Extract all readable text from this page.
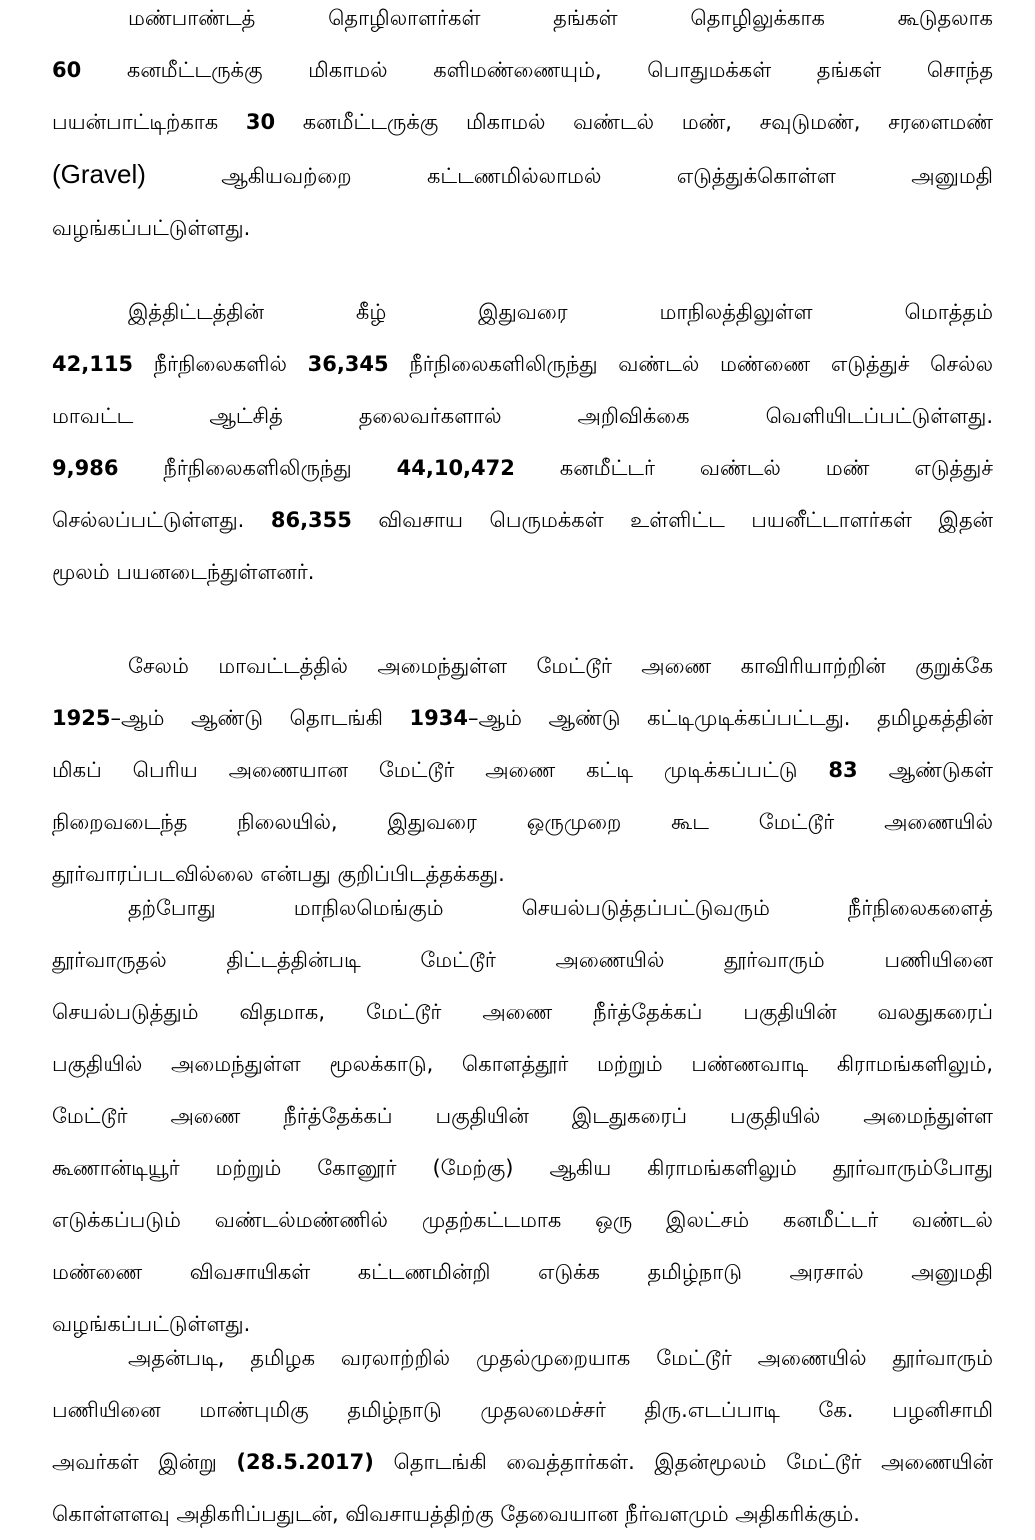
மண்பாண்டத் தொழிலாளர்கள் தங்கள் தொழிலுக்காக கூடுதலாக
60 கனமீட்டருக்கு மிகாமல் களிமண்ணையும், பொதுமக்கள் தங்கள் சொந்த
பயன்பாட்டிற்காக 30 கனமீட்டருக்கு மிகாமல் வண்டல் மண், சவுடுமண், சரளைமண்
(Gravel) ஆகியவற்றை கட்டணமில்லாமல் எடுத்துக்கொள்ள அனுமதி
வழங்கப்பட்டுள்ளது.
இத்திட்டத்தின் கீழ் இதுவரை மாநிலத்திலுள்ள மொத்தம்
42,115 நீர்நிலைகளில் 36,345 நீர்நிலைகளிலிருந்து வண்டல் மண்ணை எடுத்துச் செல்ல
மாவட்ட ஆட்சித் தலைவர்களால் அறிவிக்கை வெளியிடப்பட்டுள்ளது.
9,986 நீர்நிலைகளிலிருந்து 44,10,472 கனமீட்டர் வண்டல் மண் எடுத்துச்
செல்லப்பட்டுள்ளது. 86,355 விவசாய பெருமக்கள் உள்ளிட்ட பயனீட்டாளர்கள் இதன்
மூலம் பயனடைந்துள்ளனர்.
சேலம் மாவட்டத்தில் அமைந்துள்ள மேட்டூர் அணை காவிரியாற்றின் குறுக்கே
1925–ஆம் ஆண்டு தொடங்கி 1934–ஆம் ஆண்டு கட்டிமுடிக்கப்பட்டது. தமிழகத்தின்
மிகப் பெரிய அணையான மேட்டூர் அணை கட்டி முடிக்கப்பட்டு 83 ஆண்டுகள்
நிறைவடைந்த நிலையில், இதுவரை ஒருமுறை கூட மேட்டூர் அணையில்
தூர்வாரப்படவில்லை என்பது குறிப்பிடத்தக்கது.
தற்போது மாநிலமெங்கும் செயல்படுத்தப்பட்டுவரும் நீர்நிலைகளைத்
தூர்வாருதல் திட்டத்தின்படி மேட்டூர் அணையில் தூர்வாரும் பணியினை
செயல்படுத்தும் விதமாக, மேட்டூர் அணை நீர்த்தேக்கப் பகுதியின் வலதுகரைப்
பகுதியில் அமைந்துள்ள மூலக்காடு, கொளத்தூர் மற்றும் பண்ணவாடி கிராமங்களிலும்,
மேட்டூர் அணை நீர்த்தேக்கப் பகுதியின் இடதுகரைப் பகுதியில் அமைந்துள்ள
கூணான்டியூர் மற்றும் கோனூர் (மேற்கு) ஆகிய கிராமங்களிலும் தூர்வாரும்போது
எடுக்கப்படும் வண்டல்மண்ணில் முதற்கட்டமாக ஒரு இலட்சம் கனமீட்டர் வண்டல்
மண்ணை விவசாயிகள் கட்டணமின்றி எடுக்க தமிழ்நாடு அரசால் அனுமதி
வழங்கப்பட்டுள்ளது.
அதன்படி, தமிழக வரலாற்றில் முதல்முறையாக மேட்டூர் அணையில் தூர்வாரும்
பணியினை மாண்புமிகு தமிழ்நாடு முதலமைச்சர் திரு.எடப்பாடி கே. பழனிசாமி
அவர்கள் இன்று (28.5.2017) தொடங்கி வைத்தார்கள். இதன்மூலம் மேட்டூர் அணையின்
கொள்ளளவு அதிகரிப்பதுடன், விவசாயத்திற்கு தேவையான நீர்வளமும் அதிகரிக்கும்.
